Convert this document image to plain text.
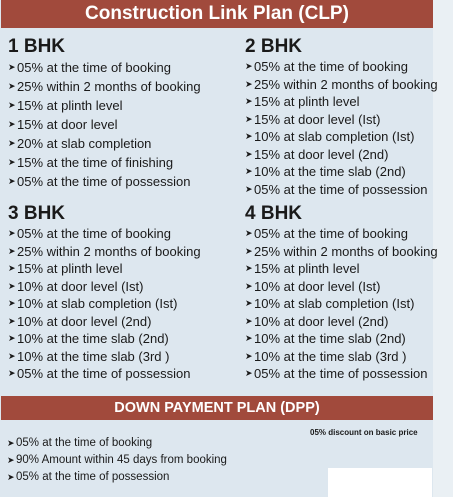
Construction Link Plan (CLP)
1 BHK
➤ 05% at the time of booking
➤ 25% within 2 months of booking
➤ 15% at plinth level
➤ 15% at door level
➤ 20% at slab completion
➤ 15% at the time of finishing
➤ 05% at the time of possession
2 BHK
➤ 05% at the time of booking
➤ 25% within 2 months of booking
➤ 15% at plinth level
➤ 15% at door level (Ist)
➤ 10% at slab completion (Ist)
➤ 15% at door level (2nd)
➤ 10% at the time slab (2nd)
➤ 05% at the time of possession
3 BHK
➤ 05% at the time of booking
➤ 25% within 2 months of booking
➤ 15% at plinth level
➤ 10% at door level (Ist)
➤ 10% at slab completion (Ist)
➤ 10% at door level (2nd)
➤ 10% at the time slab (2nd)
➤ 10% at the time slab (3rd )
➤ 05% at the time of possession
4 BHK
➤ 05% at the time of booking
➤ 25% within 2 months of booking
➤ 15% at plinth level
➤ 10% at door level (Ist)
➤ 10% at slab completion (Ist)
➤ 10% at door level (2nd)
➤ 10% at the time slab (2nd)
➤ 10% at the time slab (3rd )
➤ 05% at the time of possession
DOWN PAYMENT PLAN (DPP)
05% discount on basic price
➤ 05% at the time of booking
➤ 90% Amount within 45 days from booking
➤ 05% at the time of possession
